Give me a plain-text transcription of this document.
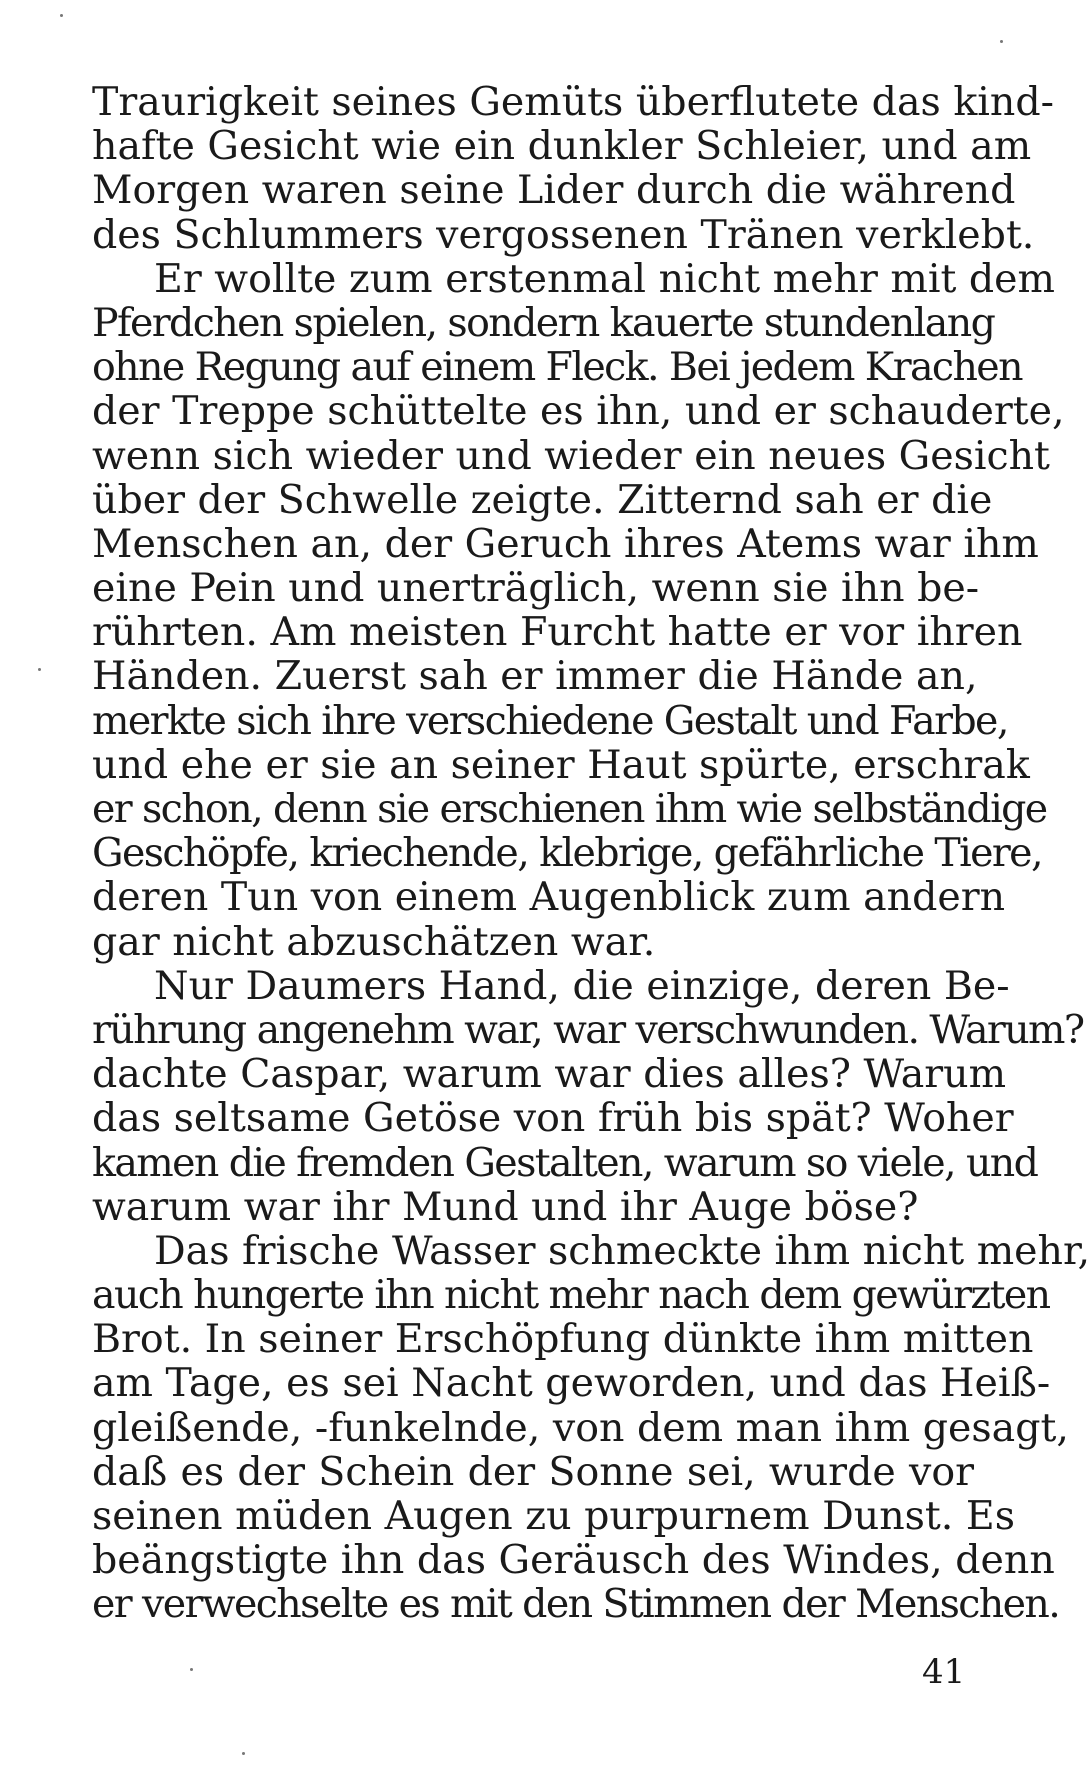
Traurigkeit seines Gemüts überflutete das kind-
hafte Gesicht wie ein dunkler Schleier, und am
Morgen waren seine Lider durch die während
des Schlummers vergossenen Tränen verklebt.
Er wollte zum erstenmal nicht mehr mit dem
Pferdchen spielen, sondern kauerte stundenlang
ohne Regung auf einem Fleck. Bei jedem Krachen
der Treppe schüttelte es ihn, und er schauderte,
wenn sich wieder und wieder ein neues Gesicht
über der Schwelle zeigte. Zitternd sah er die
Menschen an, der Geruch ihres Atems war ihm
eine Pein und unerträglich, wenn sie ihn be-
rührten. Am meisten Furcht hatte er vor ihren
Händen. Zuerst sah er immer die Hände an,
merkte sich ihre verschiedene Gestalt und Farbe,
und ehe er sie an seiner Haut spürte, erschrak
er schon, denn sie erschienen ihm wie selbständige
Geschöpfe, kriechende, klebrige, gefährliche Tiere,
deren Tun von einem Augenblick zum andern
gar nicht abzuschätzen war.
Nur Daumers Hand, die einzige, deren Be-
rührung angenehm war, war verschwunden. Warum?
dachte Caspar, warum war dies alles? Warum
das seltsame Getöse von früh bis spät? Woher
kamen die fremden Gestalten, warum so viele, und
warum war ihr Mund und ihr Auge böse?
Das frische Wasser schmeckte ihm nicht mehr,
auch hungerte ihn nicht mehr nach dem gewürzten
Brot. In seiner Erschöpfung dünkte ihm mitten
am Tage, es sei Nacht geworden, und das Heiß-
gleißende, -funkelnde, von dem man ihm gesagt,
daß es der Schein der Sonne sei, wurde vor
seinen müden Augen zu purpurnem Dunst. Es
beängstigte ihn das Geräusch des Windes, denn
er verwechselte es mit den Stimmen der Menschen.
41
